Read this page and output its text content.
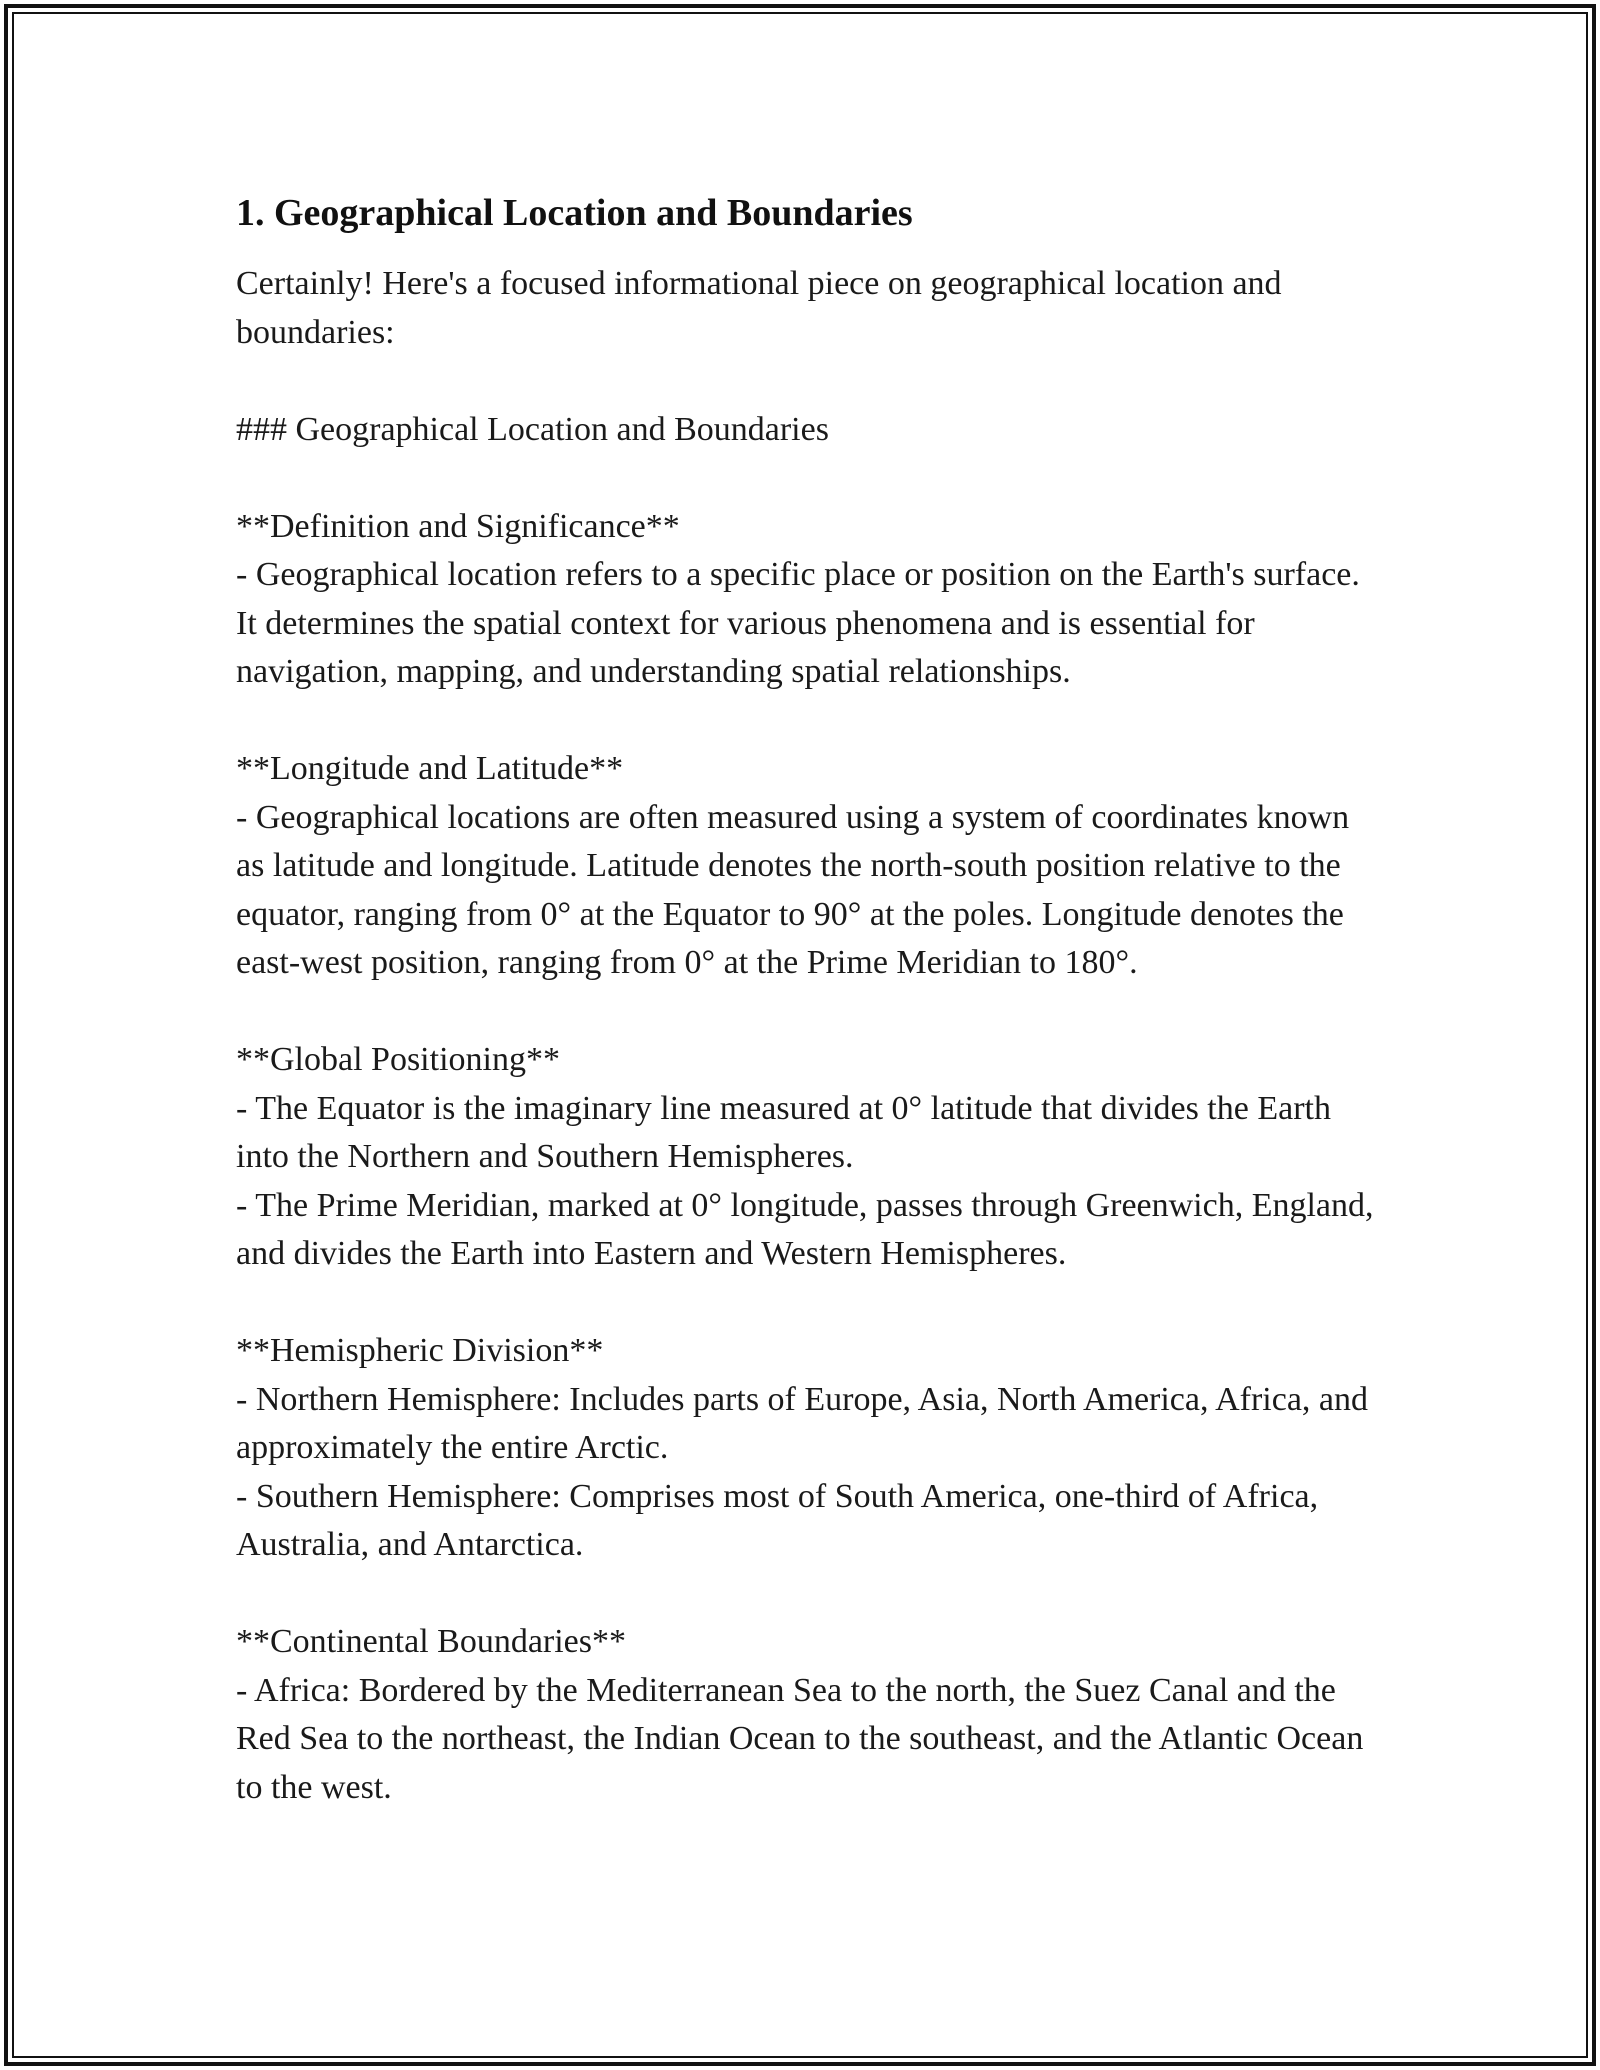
1. Geographical Location and Boundaries

Certainly! Here's a focused informational piece on geographical location and boundaries:

### Geographical Location and Boundaries

**Definition and Significance**

- Geographical location refers to a specific place or position on the Earth's surface. It determines the spatial context for various phenomena and is essential for navigation, mapping, and understanding spatial relationships.

**Longitude and Latitude**

- Geographical locations are often measured using a system of coordinates known as latitude and longitude. Latitude denotes the north-south position relative to the equator, ranging from 0° at the Equator to 90° at the poles. Longitude denotes the east-west position, ranging from 0° at the Prime Meridian to 180°.

**Global Positioning**

- The Equator is the imaginary line measured at 0° latitude that divides the Earth into the Northern and Southern Hemispheres.

- The Prime Meridian, marked at 0° longitude, passes through Greenwich, England, and divides the Earth into Eastern and Western Hemispheres.

**Hemispheric Division**

- Northern Hemisphere: Includes parts of Europe, Asia, North America, Africa, and approximately the entire Arctic.

- Southern Hemisphere: Comprises most of South America, one-third of Africa, Australia, and Antarctica.

**Continental Boundaries**

- Africa: Bordered by the Mediterranean Sea to the north, the Suez Canal and the Red Sea to the northeast, the Indian Ocean to the southeast, and the Atlantic Ocean to the west.
